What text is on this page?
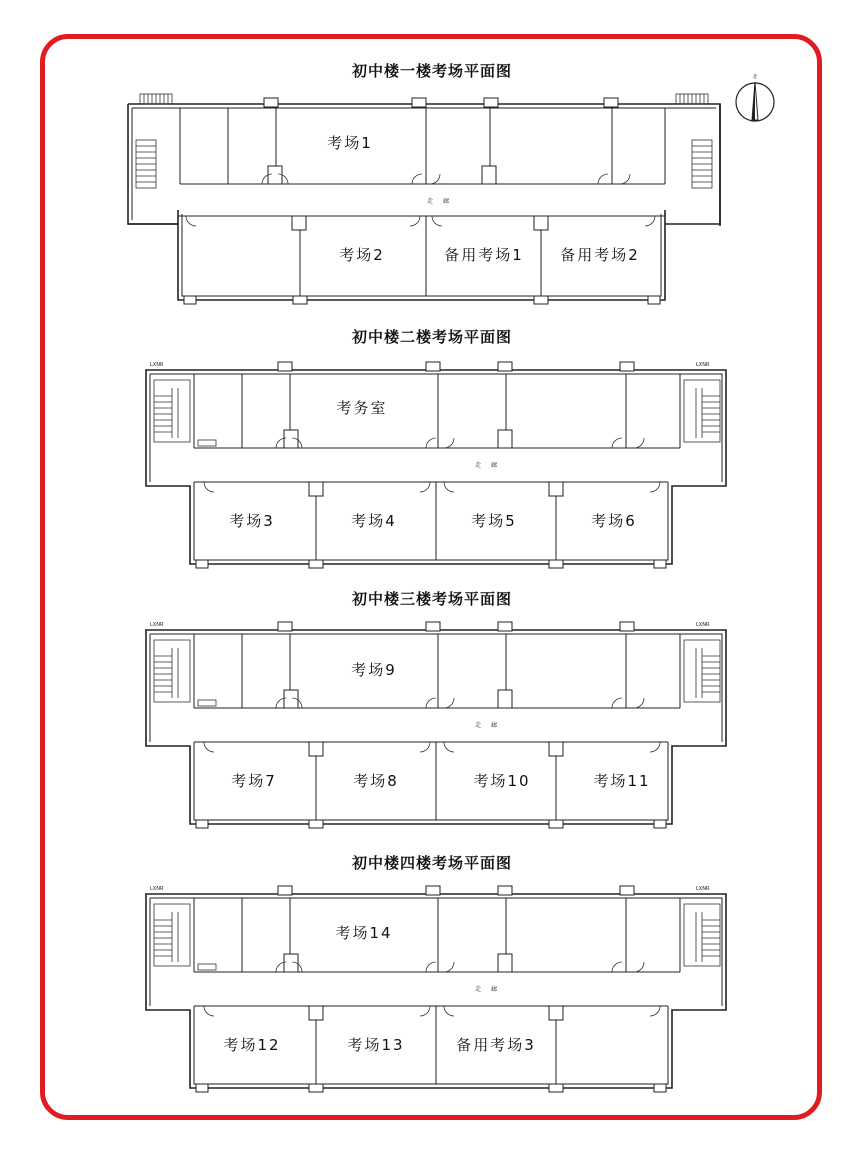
北
初中楼一楼考场平面图
走 廊
考场1
考场2	备用考场1 备用考场2
初中楼二楼考场平面图
LXNR	LXNR
走 廊
考务室
考场3	考场4	考场5	考场6
初中楼三楼考场平面图
LXNR	LXNR
走 廊
考场9
考场7	考场8	考场10	考场11
初中楼四楼考场平面图
LXNR	LXNR
走 廊
考场14
考场12	考场13	备用考场3
